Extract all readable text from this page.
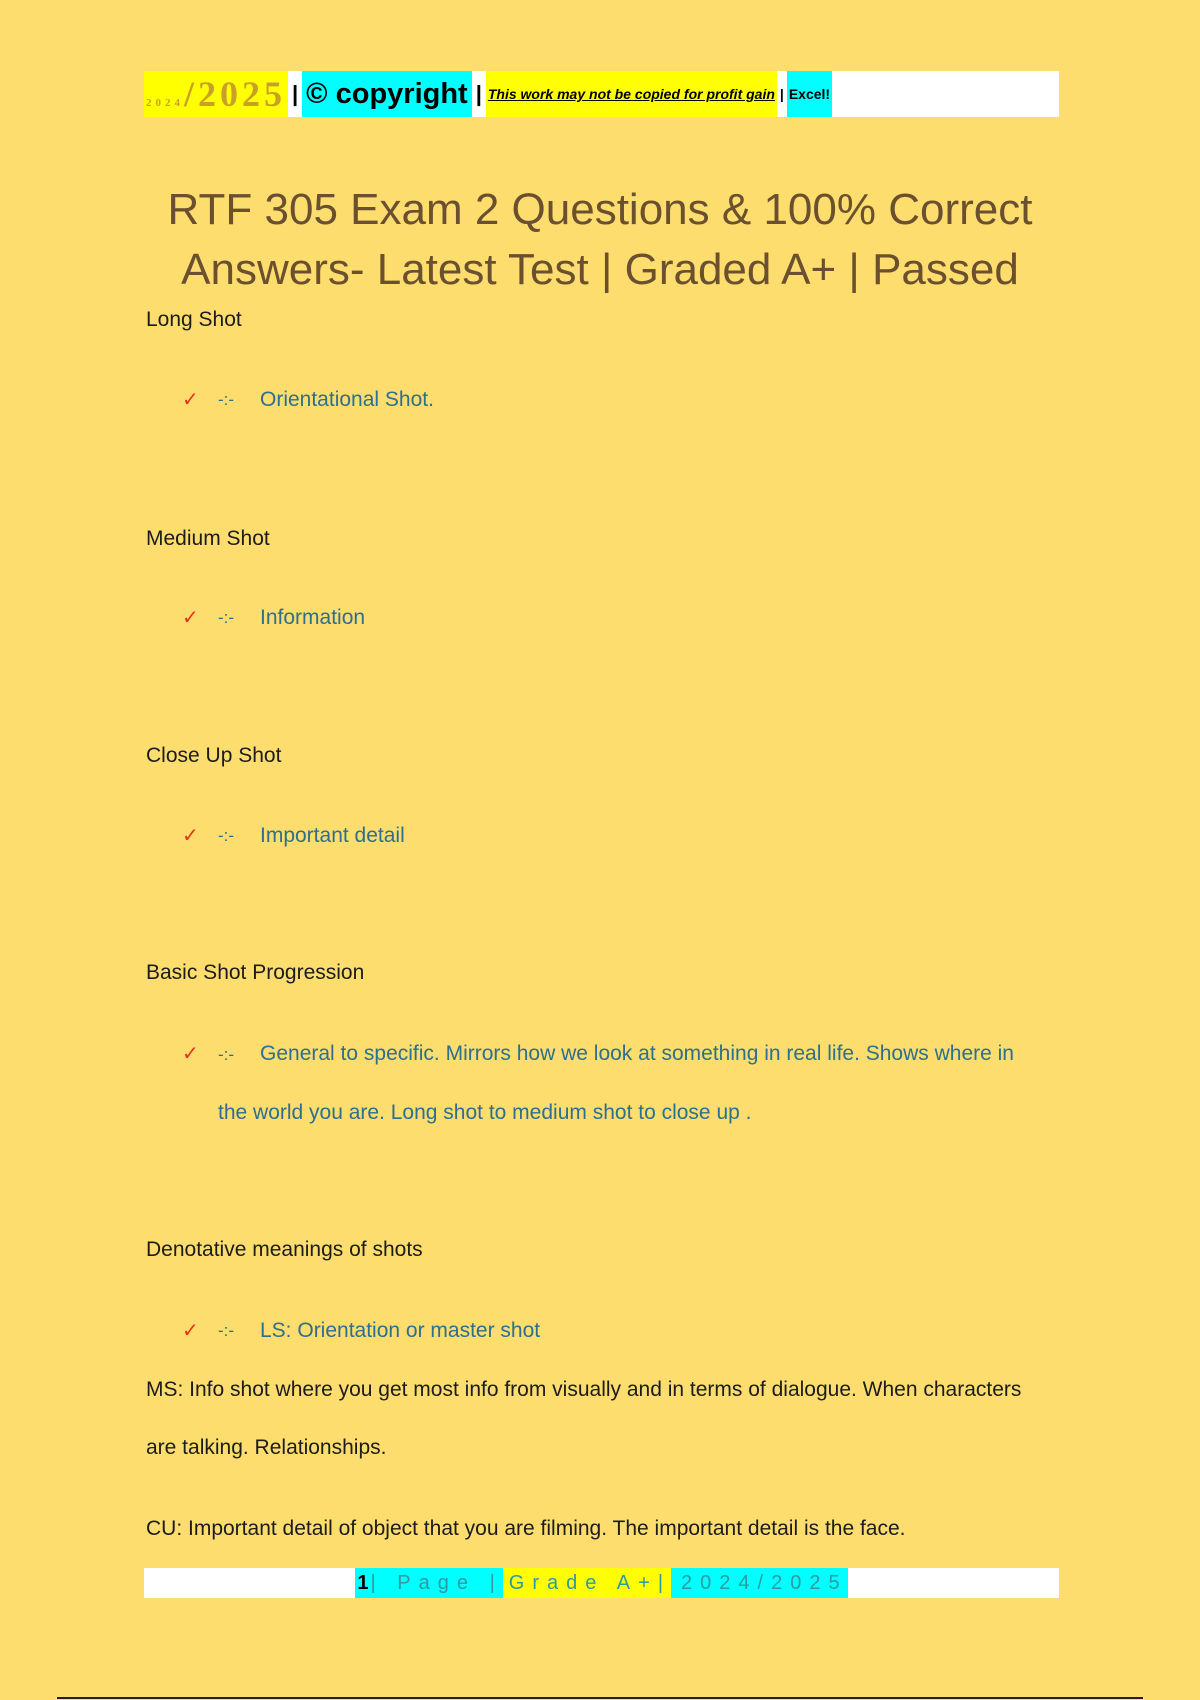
2024 /2025 | © copyright | This work may not be copied for profit gain | Excel!
RTF 305 Exam 2 Questions & 100% Correct
Answers- Latest Test | Graded A+ | Passed
Long Shot
✓	-:-	Orientational Shot.
Medium Shot
✓	-:-	Information
Close Up Shot
✓	-:-	Important detail
Basic Shot Progression
✓	-:- General to specific. Mirrors how we look at something in real life. Shows where in the world you are. Long shot to medium shot to close up .
Denotative meanings of shots
✓	-:-	LS: Orientation or master shot
MS: Info shot where you get most info from visually and in terms of dialogue. When characters are talking. Relationships.
CU: Important detail of object that you are filming. The important detail is the face.
1 | Page | Grade A+| 2024/2025
